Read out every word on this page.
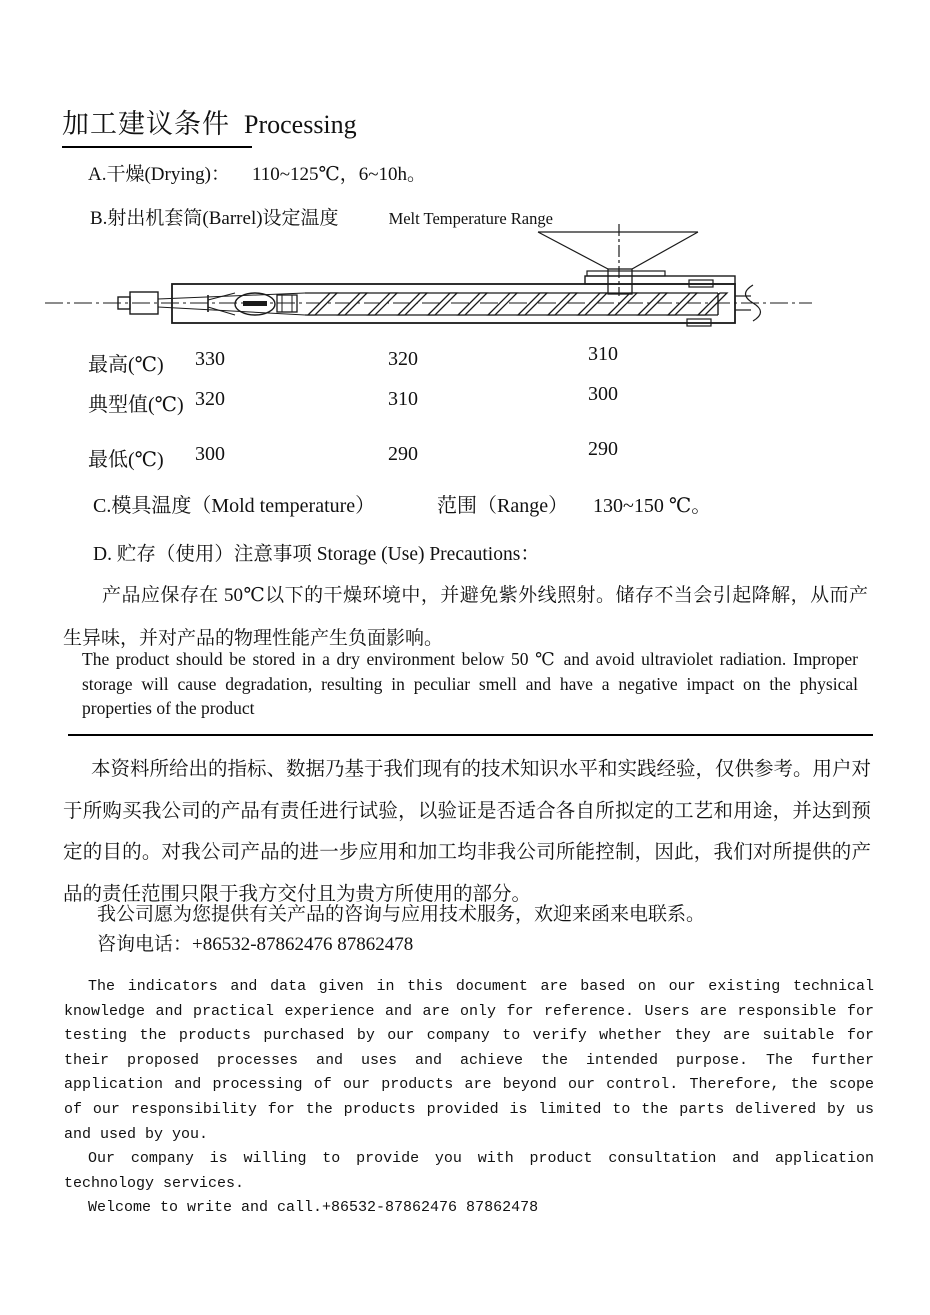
加工建议条件 Processing
A.干燥(Drying)： 110~125℃，6~10h。
B.射出机套筒(Barrel)设定温度	Melt Temperature Range
最高(℃) 330	320	310
典型值(℃) 320	310	300
最低(℃) 300	290	290
C.模具温度（Mold temperature）	范围（Range） 130~150 ℃。
D. 贮存（使用）注意事项 Storage (Use) Precautions：
产品应保存在 50℃以下的干燥环境中，并避免紫外线照射。储存不当会引起降解，从而产生异味，并对产品的物理性能产生负面影响。
The product should be stored in a dry environment below 50 ℃ and avoid ultraviolet radiation. Improper storage will cause degradation, resulting in peculiar smell and have a negative impact on the physical properties of the product
本资料所给出的指标、数据乃基于我们现有的技术知识水平和实践经验，仅供参考。用户对于所购买我公司的产品有责任进行试验，以验证是否适合各自所拟定的工艺和用途，并达到预定的目的。对我公司产品的进一步应用和加工均非我公司所能控制，因此，我们对所提供的产品的责任范围只限于我方交付且为贵方所使用的部分。
我公司愿为您提供有关产品的咨询与应用技术服务，欢迎来函来电联系。
咨询电话：+86532-87862476 87862478

The indicators and data given in this document are based on our existing technical knowledge and practical experience and are only for reference. Users are responsible for testing the products purchased by our company to verify whether they are suitable for their proposed processes and uses and achieve the intended purpose. The further application and processing of our products are beyond our control. Therefore, the scope of our responsibility for the products provided is limited to the parts delivered by us and used by you.

Our company is willing to provide you with product consultation and application technology services.

Welcome to write and call.+86532-87862476 87862478
